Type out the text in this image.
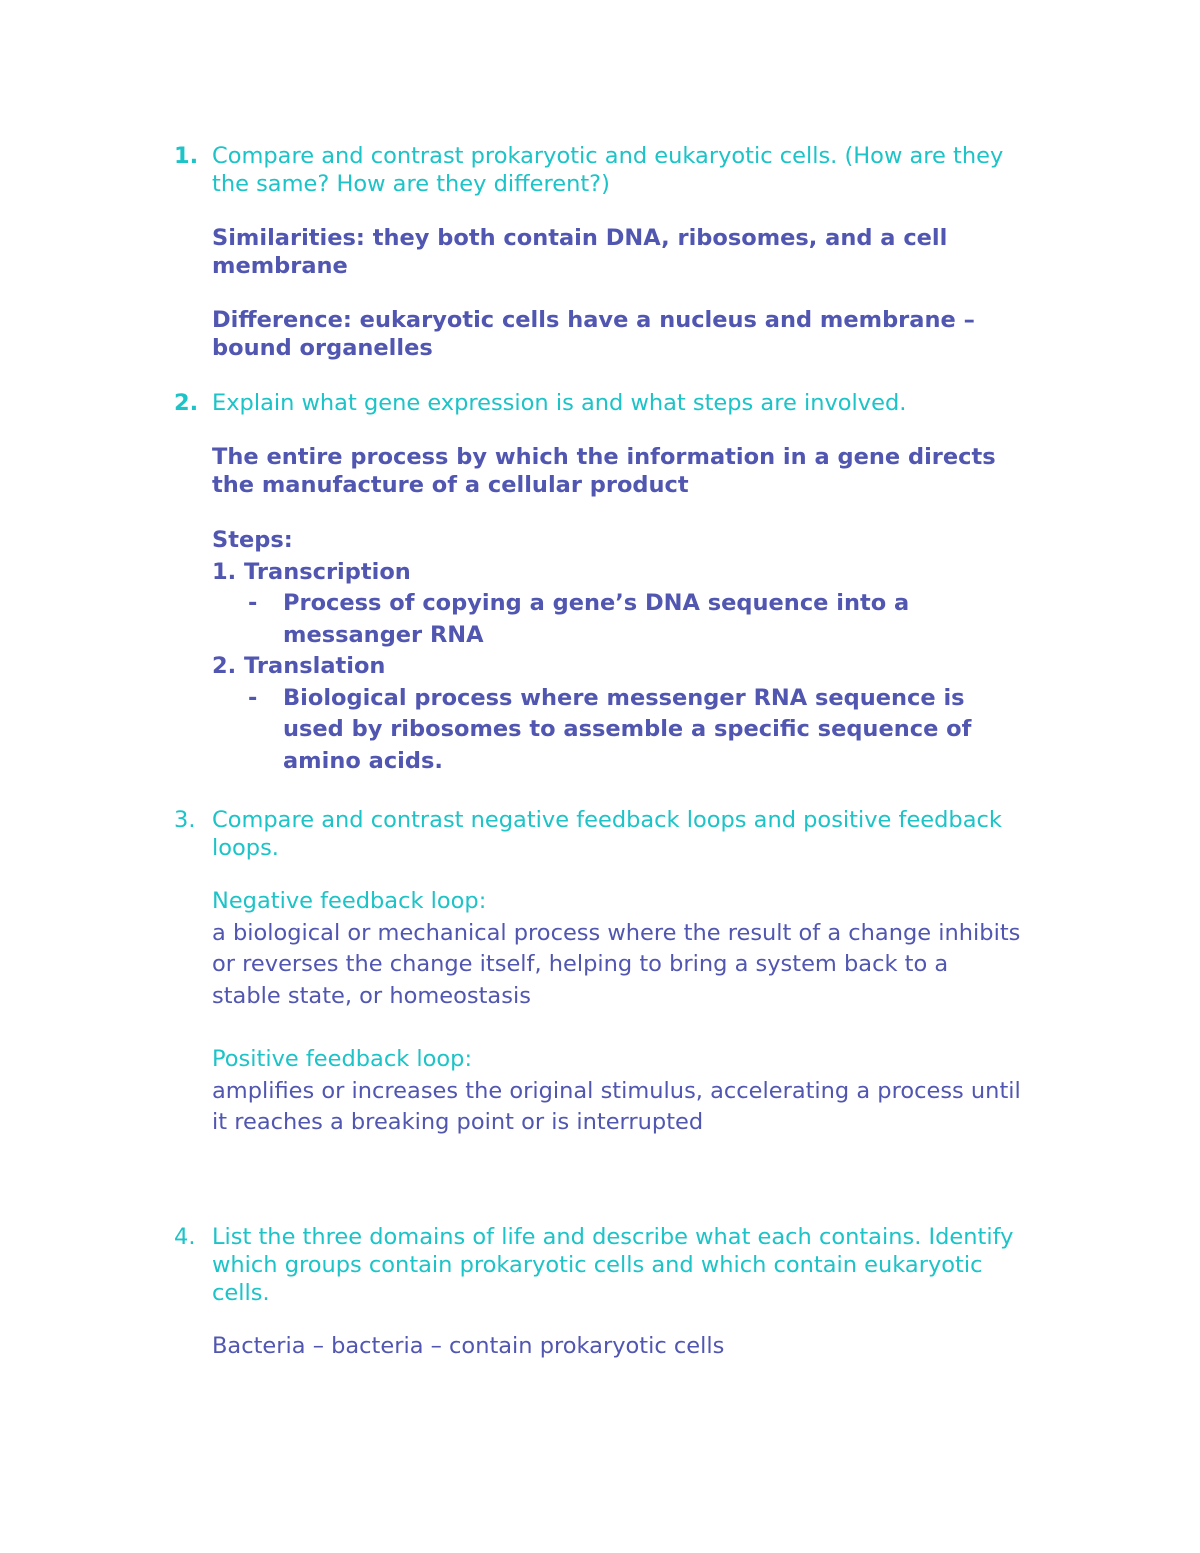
1. Compare and contrast prokaryotic and eukaryotic cells. (How are they
the same? How are they different?)
Similarities: they both contain DNA, ribosomes, and a cell
membrane
Difference: eukaryotic cells have a nucleus and membrane –
bound organelles
2. Explain what gene expression is and what steps are involved.
The entire process by which the information in a gene directs
the manufacture of a cellular product
Steps:
1. Transcription
- Process of copying a gene’s DNA sequence into a
messanger RNA
2. Translation
- Biological process where messenger RNA sequence is
used by ribosomes to assemble a specific sequence of
amino acids.
3. Compare and contrast negative feedback loops and positive feedback
loops.
Negative feedback loop:
a biological or mechanical process where the result of a change inhibits
or reverses the change itself, helping to bring a system back to a
stable state, or homeostasis
Positive feedback loop:
amplifies or increases the original stimulus, accelerating a process until
it reaches a breaking point or is interrupted
4. List the three domains of life and describe what each contains. Identify
which groups contain prokaryotic cells and which contain eukaryotic
cells.
Bacteria – bacteria – contain prokaryotic cells
